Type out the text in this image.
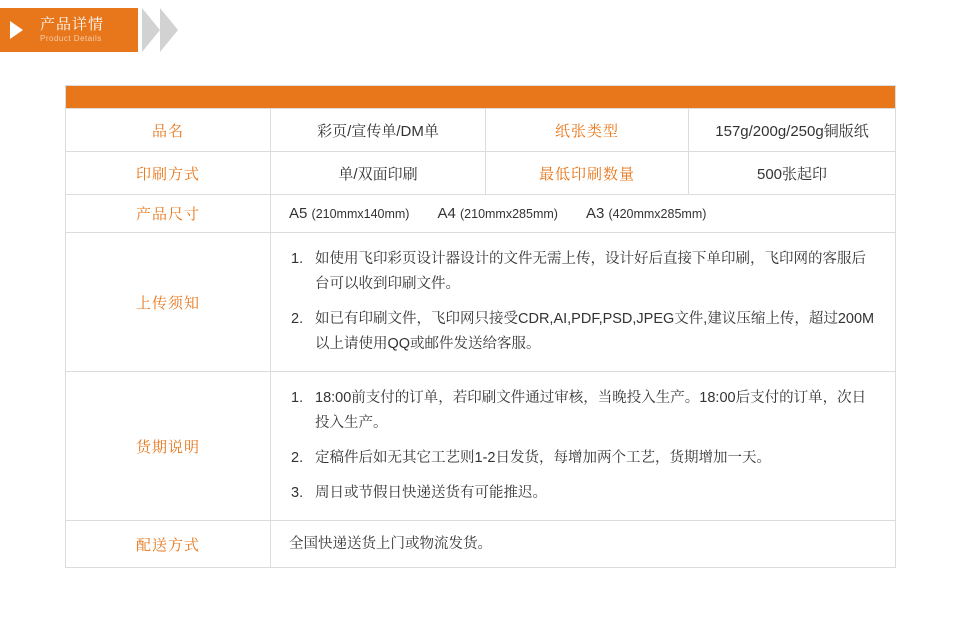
产品详情
Product Details

品名	彩页/宣传单/DM单	纸张类型	157g/200g/250g铜版纸
印刷方式	单/双面印刷	最低印刷数量	500张起印
产品尺寸	A5 (210mmx140mm) A4 (210mmx285mm) A3 (420mmx285mm)		

上传须知	
如使用飞印彩页设计器设计的文件无需上传，设计好后直接下单印刷，飞印网的客服后台可以收到印刷文件。
如已有印刷文件，飞印网只接受CDR,AI,PDF,PSD,JPEG文件,建议压缩上传，超过200M以上请使用QQ或邮件发送给客服。

货期说明	
18:00前支付的订单，若印刷文件通过审核，当晚投入生产。18:00后支付的订单，次日投入生产。
定稿件后如无其它工艺则1-2日发货，每增加两个工艺，货期增加一天。
周日或节假日快递送货有可能推迟。

配送方式	全国快递送货上门或物流发货。		
